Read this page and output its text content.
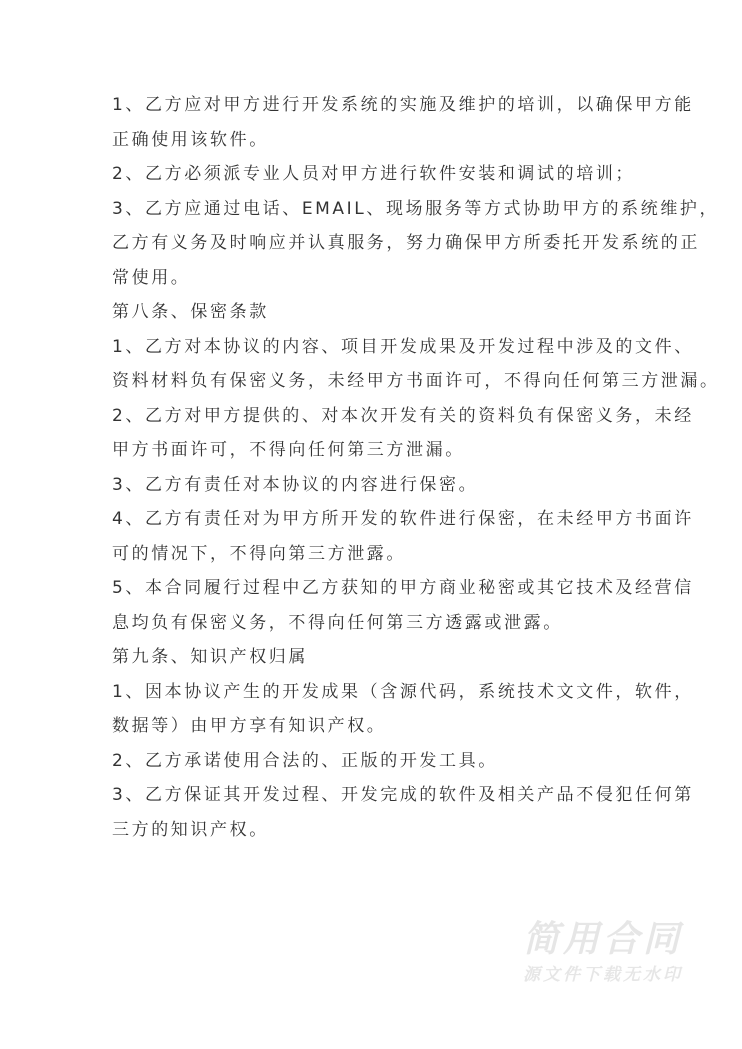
1、乙方应对甲方进行开发系统的实施及维护的培训，以确保甲方能
正确使用该软件。
2、乙方必须派专业人员对甲方进行软件安装和调试的培训；
3、乙方应通过电话、EMAIL、现场服务等方式协助甲方的系统维护，
乙方有义务及时响应并认真服务，努力确保甲方所委托开发系统的正
常使用。
第八条、保密条款
1、乙方对本协议的内容、项目开发成果及开发过程中涉及的文件、
资料材料负有保密义务，未经甲方书面许可，不得向任何第三方泄漏。
2、乙方对甲方提供的、对本次开发有关的资料负有保密义务，未经
甲方书面许可，不得向任何第三方泄漏。
3、乙方有责任对本协议的内容进行保密。
4、乙方有责任对为甲方所开发的软件进行保密，在未经甲方书面许
可的情况下，不得向第三方泄露。
5、本合同履行过程中乙方获知的甲方商业秘密或其它技术及经营信
息均负有保密义务，不得向任何第三方透露或泄露。
第九条、知识产权归属
1、因本协议产生的开发成果（含源代码，系统技术文文件，软件，
数据等）由甲方享有知识产权。
2、乙方承诺使用合法的、正版的开发工具。
3、乙方保证其开发过程、开发完成的软件及相关产品不侵犯任何第
三方的知识产权。
简用合同
源文件下载无水印
